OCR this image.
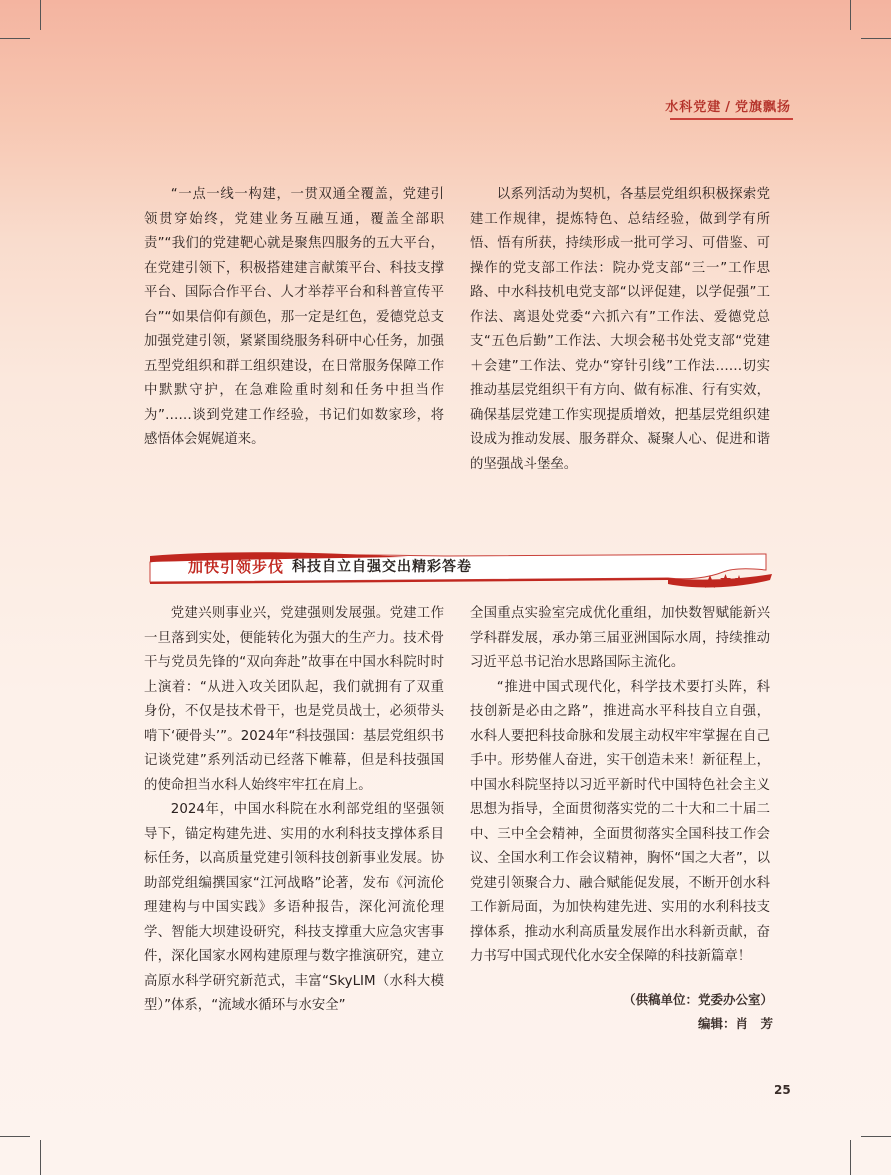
水科党建 / 党旗飘扬

“一点一线一构建，一贯双通全覆盖，党建引领贯穿始终，党建业务互融互通，覆盖全部职责”“我们的党建靶心就是聚焦四服务的五大平台，在党建引领下，积极搭建建言献策平台、科技支撑平台、国际合作平台、人才举荐平台和科普宣传平台”“如果信仰有颜色，那一定是红色，爱德党总支加强党建引领，紧紧围绕服务科研中心任务，加强五型党组织和群工组织建设，在日常服务保障工作中默默守护，在急难险重时刻和任务中担当作为”……谈到党建工作经验，书记们如数家珍，将感悟体会娓娓道来。

以系列活动为契机，各基层党组织积极探索党建工作规律，提炼特色、总结经验，做到学有所悟、悟有所获，持续形成一批可学习、可借鉴、可操作的党支部工作法：院办党支部“三一”工作思路、中水科技机电党支部“以评促建，以学促强”工作法、离退处党委“六抓六有”工作法、爱德党总支“五色后勤”工作法、大坝会秘书处党支部“党建＋会建”工作法、党办“穿针引线”工作法……切实推动基层党组织干有方向、做有标准、行有实效，确保基层党建工作实现提质增效，把基层党组织建设成为推动发展、服务群众、凝聚人心、促进和谐的坚强战斗堡垒。

加快引领步伐 科技自立自强交出精彩答卷

党建兴则事业兴，党建强则发展强。党建工作一旦落到实处，便能转化为强大的生产力。技术骨干与党员先锋的“双向奔赴”故事在中国水科院时时上演着：“从进入攻关团队起，我们就拥有了双重身份，不仅是技术骨干，也是党员战士，必须带头啃下‘硬骨头’”。2024年“科技强国：基层党组织书记谈党建”系列活动已经落下帷幕，但是科技强国的使命担当水科人始终牢牢扛在肩上。

2024年，中国水科院在水利部党组的坚强领导下，锚定构建先进、实用的水利科技支撑体系目标任务，以高质量党建引领科技创新事业发展。协助部党组编撰国家“江河战略”论著，发布《河流伦理建构与中国实践》多语种报告，深化河流伦理学、智能大坝建设研究，科技支撑重大应急灾害事件，深化国家水网构建原理与数字推演研究，建立高原水科学研究新范式，丰富“SkyLIM（水科大模型）”体系，“流域水循环与水安全”

全国重点实验室完成优化重组，加快数智赋能新兴学科群发展，承办第三届亚洲国际水周，持续推动习近平总书记治水思路国际主流化。

“推进中国式现代化，科学技术要打头阵，科技创新是必由之路”，推进高水平科技自立自强，水科人要把科技命脉和发展主动权牢牢掌握在自己手中。形势催人奋进，实干创造未来！新征程上，中国水科院坚持以习近平新时代中国特色社会主义思想为指导，全面贯彻落实党的二十大和二十届二中、三中全会精神，全面贯彻落实全国科技工作会议、全国水利工作会议精神，胸怀“国之大者”，以党建引领聚合力、融合赋能促发展，不断开创水科工作新局面，为加快构建先进、实用的水利科技支撑体系，推动水利高质量发展作出水科新贡献，奋力书写中国式现代化水安全保障的科技新篇章！

（供稿单位：党委办公室）
编辑：肖　芳
25
